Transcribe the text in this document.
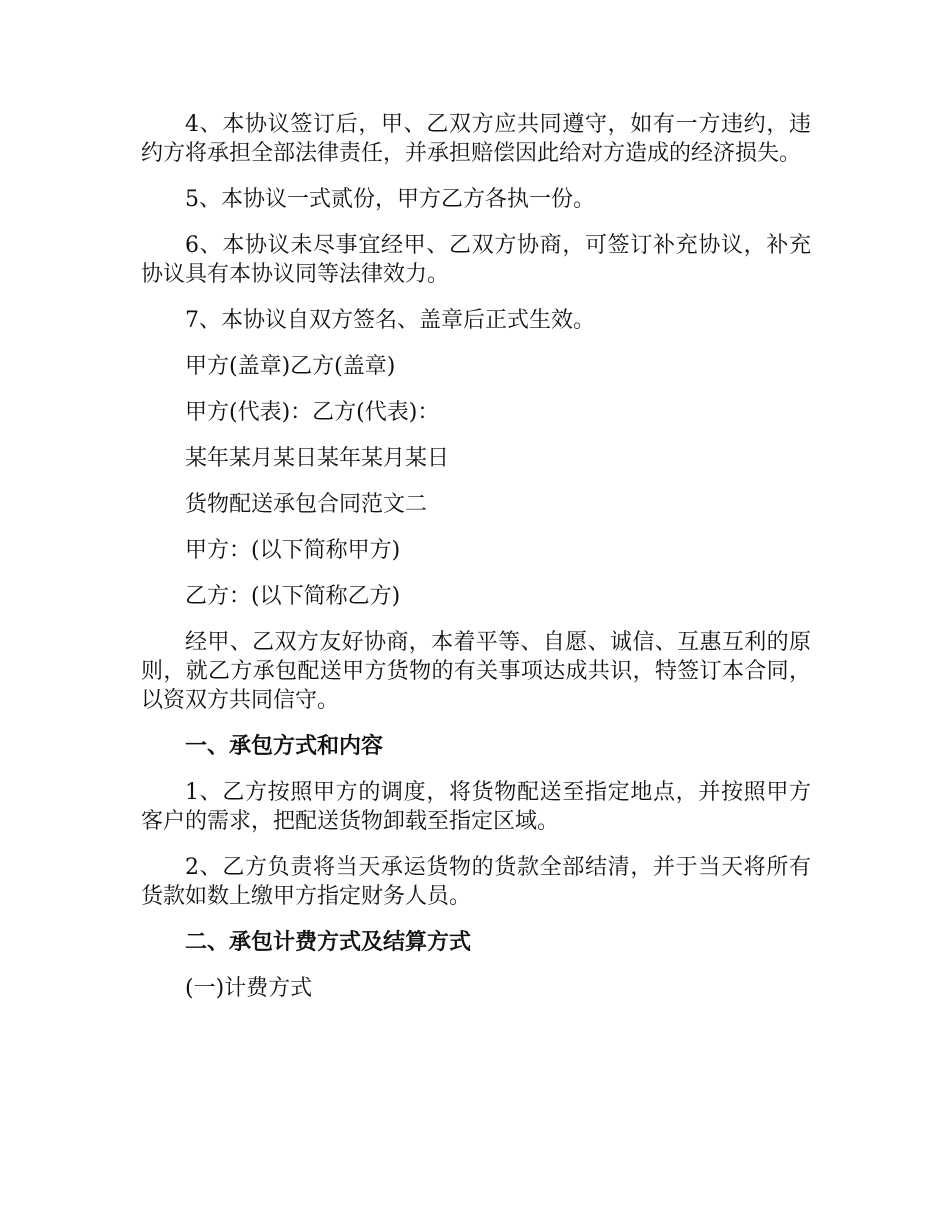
4、本协议签订后，甲、乙双方应共同遵守，如有一方违约，违约方将承担全部法律责任，并承担赔偿因此给对方造成的经济损失。

5、本协议一式贰份，甲方乙方各执一份。

6、本协议未尽事宜经甲、乙双方协商，可签订补充协议，补充协议具有本协议同等法律效力。

7、本协议自双方签名、盖章后正式生效。

甲方(盖章)乙方(盖章)

甲方(代表)：乙方(代表)：

某年某月某日某年某月某日

货物配送承包合同范文二

甲方：(以下简称甲方)

乙方：(以下简称乙方)

经甲、乙双方友好协商，本着平等、自愿、诚信、互惠互利的原则，就乙方承包配送甲方货物的有关事项达成共识，特签订本合同，以资双方共同信守。

一、承包方式和内容

1、乙方按照甲方的调度，将货物配送至指定地点，并按照甲方客户的需求，把配送货物卸载至指定区域。

2、乙方负责将当天承运货物的货款全部结清，并于当天将所有货款如数上缴甲方指定财务人员。

二、承包计费方式及结算方式

(一)计费方式
